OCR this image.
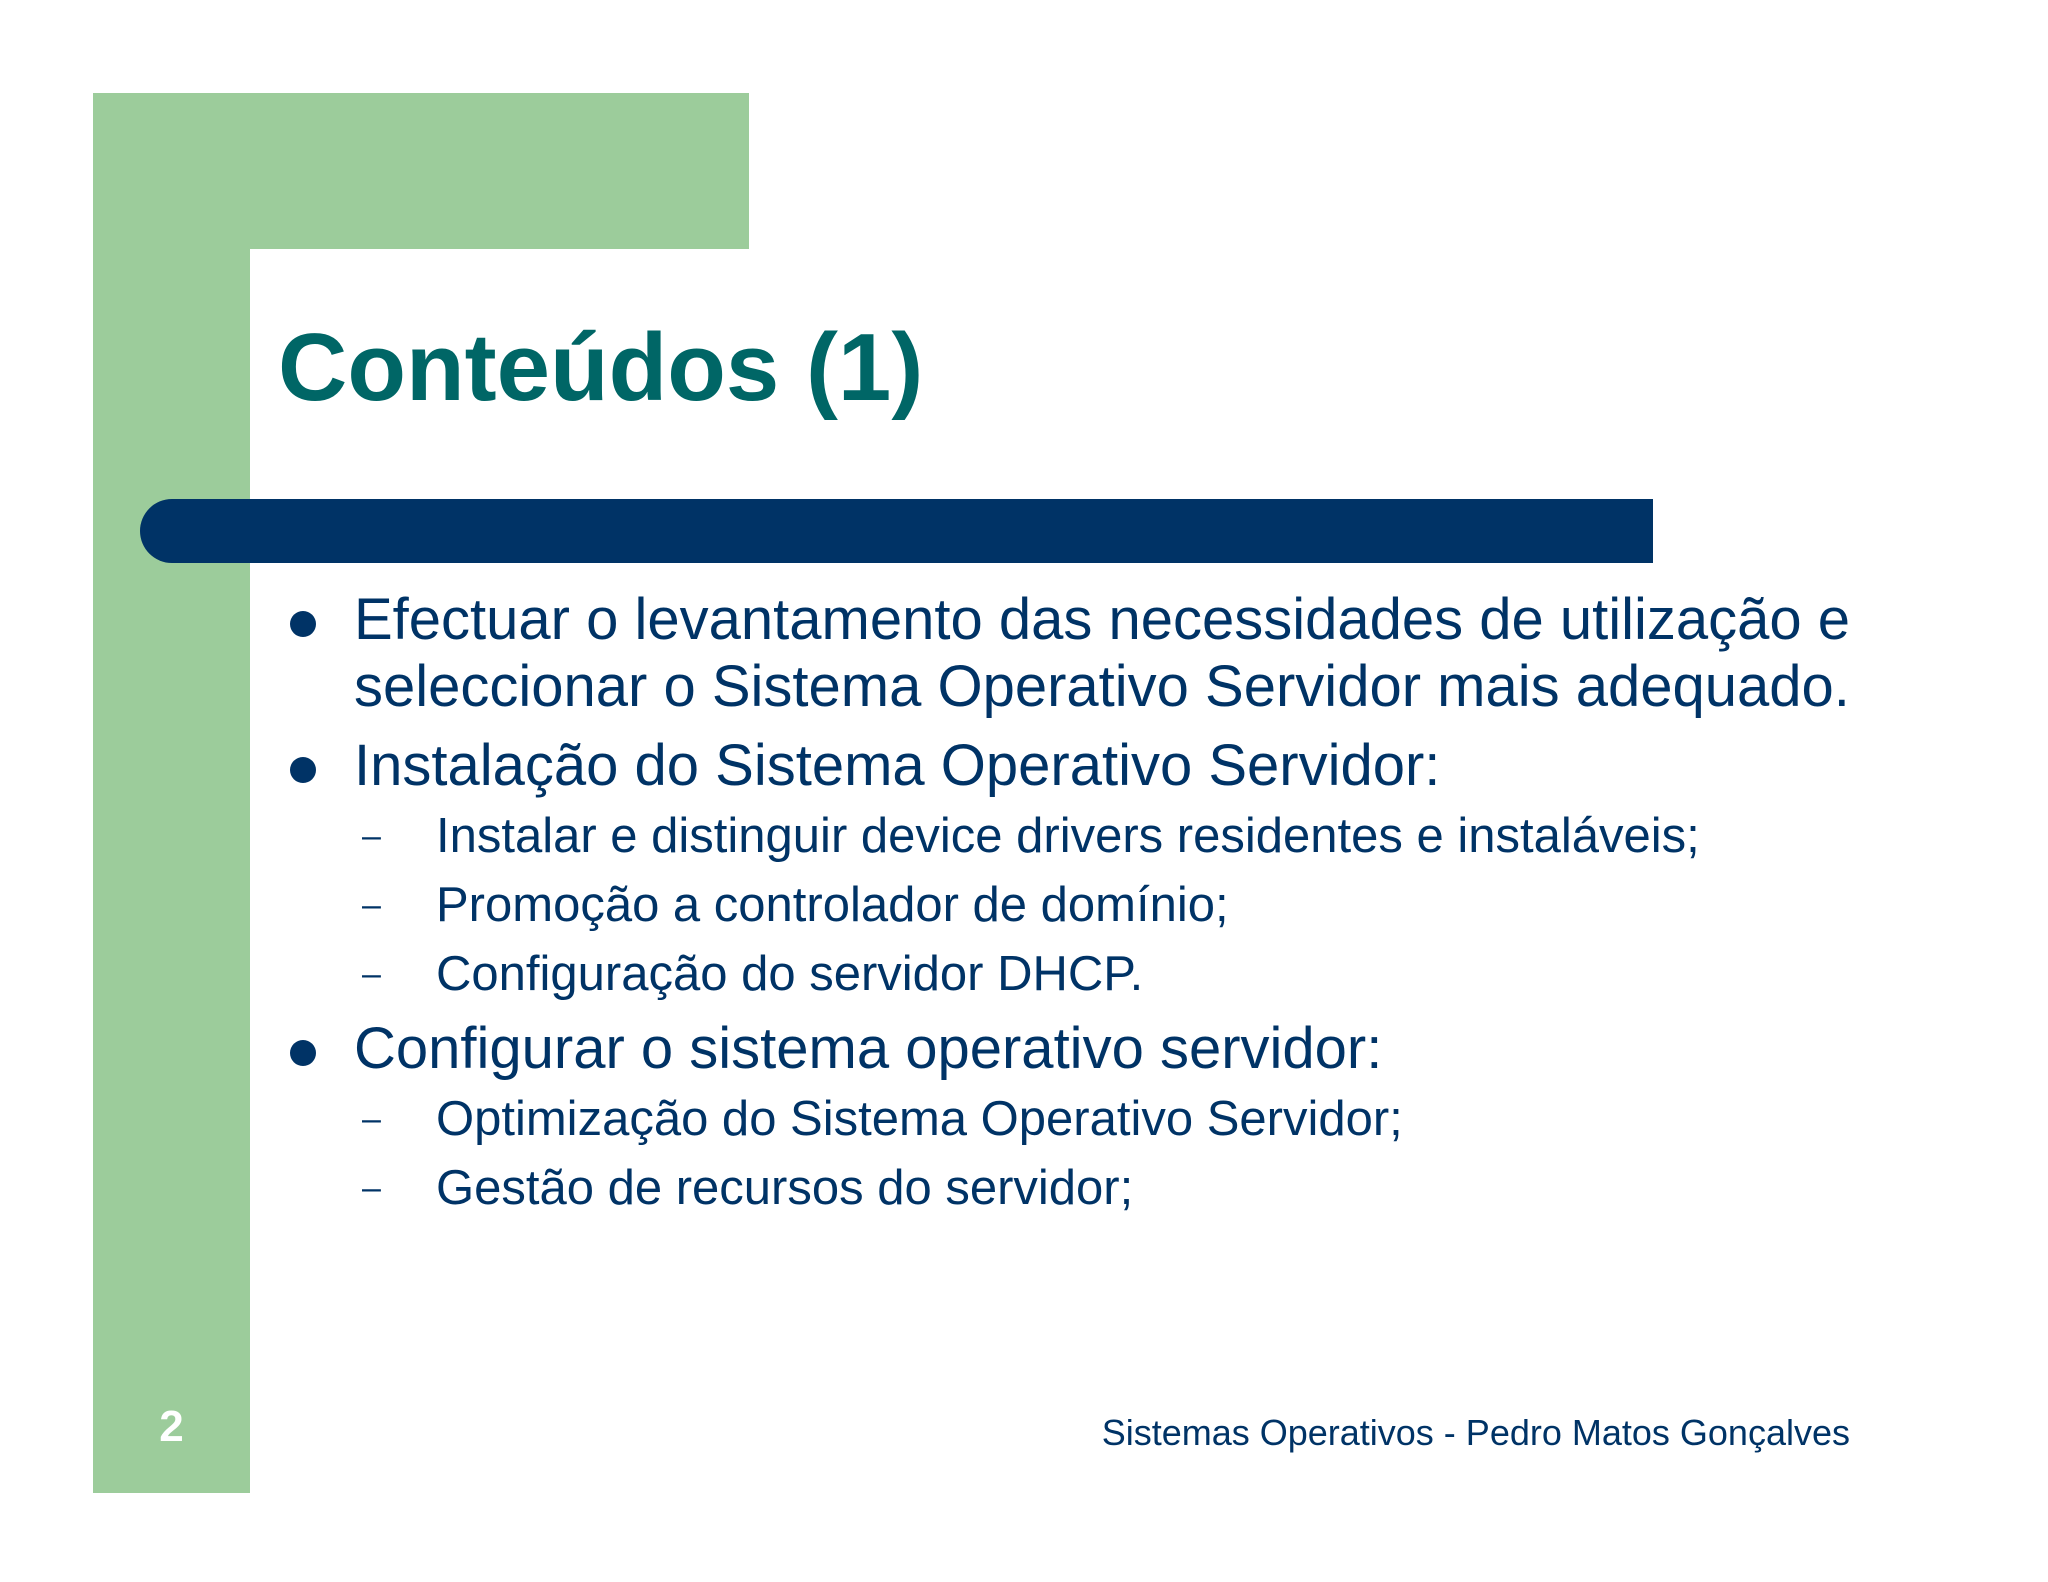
Conteúdos (1)
Efectuar o levantamento das necessidades de utilização e seleccionar o Sistema Operativo Servidor mais adequado.
Instalação do Sistema Operativo Servidor:
– Instalar e distinguir device drivers residentes e instaláveis;
– Promoção a controlador de domínio;
– Configuração do servidor DHCP.
Configurar o sistema operativo servidor:
– Optimização do Sistema Operativo Servidor;
– Gestão de recursos do servidor;
2	Sistemas Operativos - Pedro Matos Gonçalves
